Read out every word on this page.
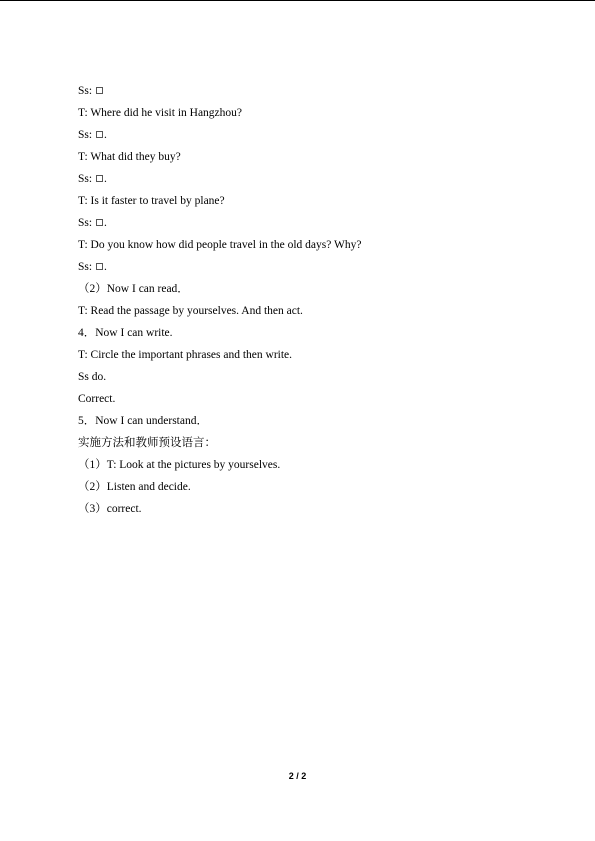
Ss:
T: Where did he visit in Hangzhou?
Ss: .
T: What did they buy?
Ss: .
T: Is it faster to travel by plane?
Ss: .
T: Do you know how did people travel in the old days? Why?
Ss: .
（2）Now I can read．
T: Read the passage by yourselves. And then act.
4．Now I can write.
T: Circle the important phrases and then write.
Ss do.
Correct.
5．Now I can understand．
实施方法和教师预设语言：
（1）T: Look at the pictures by yourselves.
（2）Listen and decide.
（3）correct.
2 / 2
